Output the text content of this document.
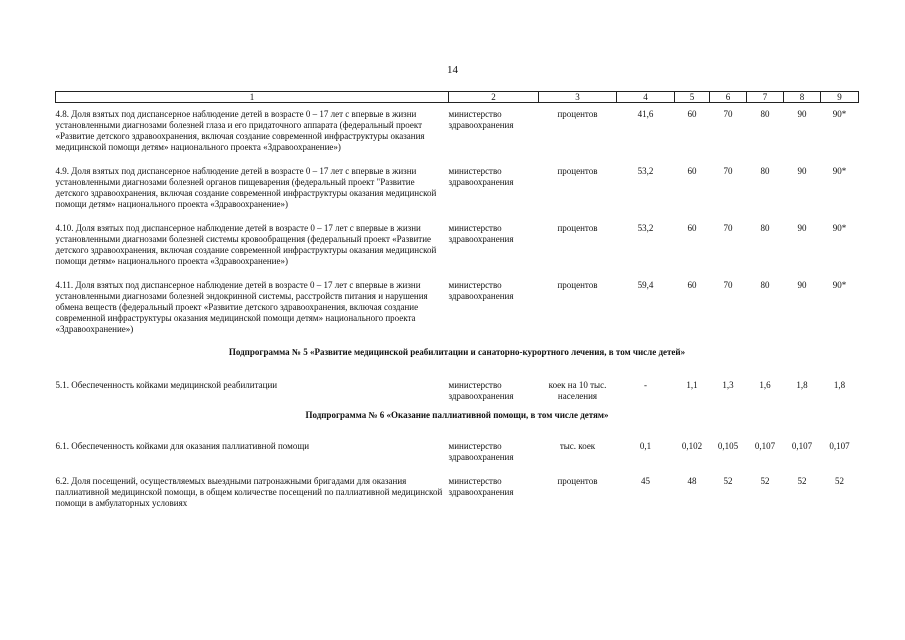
14
1	2	3	4	5	6	7	8	9

4.8. Доля взятых под диспансерное наблюдение детей в возрасте 0 – 17 лет с впервые в жизни установленными диагнозами болезней глаза и его придаточного аппарата (федеральный проект «Развитие детского здравоохранения, включая создание современной инфраструктуры оказания медицинской помощи детям» национального проекта «Здравоохранение»)	министерство здравоохранения	процентов	41,6	60	70	80	90	90*
4.9. Доля взятых под диспансерное наблюдение детей в возрасте 0 – 17 лет с впервые в жизни установленными диагнозами болезней органов пищеварения (федеральный проект "Развитие детского здравоохранения, включая создание современной инфраструктуры оказания медицинской помощи детям» национального проекта «Здравоохранение»)	министерство здравоохранения	процентов	53,2	60	70	80	90	90*
4.10. Доля взятых под диспансерное наблюдение детей в возрасте 0 – 17 лет с впервые в жизни установленными диагнозами болезней системы кровообращения (федеральный проект «Развитие детского здравоохранения, включая создание современной инфраструктуры оказания медицинской помощи детям» национального проекта «Здравоохранение»)	министерство здравоохранения	процентов	53,2	60	70	80	90	90*
4.11. Доля взятых под диспансерное наблюдение детей в возрасте 0 – 17 лет с впервые в жизни установленными диагнозами болезней эндокринной системы, расстройств питания и нарушения обмена веществ (федеральный проект «Развитие детского здравоохранения, включая создание современной инфраструктуры оказания медицинской помощи детям» национального проекта «Здравоохранение»)	министерство здравоохранения	процентов	59,4	60	70	80	90	90*
Подпрограмма № 5 «Развитие медицинской реабилитации и санаторно-курортного лечения, в том числе детей»								
5.1. Обеспеченность койками медицинской реабилитации	министерство здравоохранения	коек на 10 тыс. населения	-	1,1	1,3	1,6	1,8	1,8
Подпрограмма № 6 «Оказание паллиативной помощи, в том числе детям»								
6.1. Обеспеченность койками для оказания паллиативной помощи	министерство здравоохранения	тыс. коек	0,1	0,102	0,105	0,107	0,107	0,107
6.2. Доля посещений, осуществляемых выездными патронажными бригадами для оказания паллиативной медицинской помощи, в общем количестве посещений по паллиативной медицинской помощи в амбулаторных условиях	министерство здравоохранения	процентов	45	48	52	52	52	52
